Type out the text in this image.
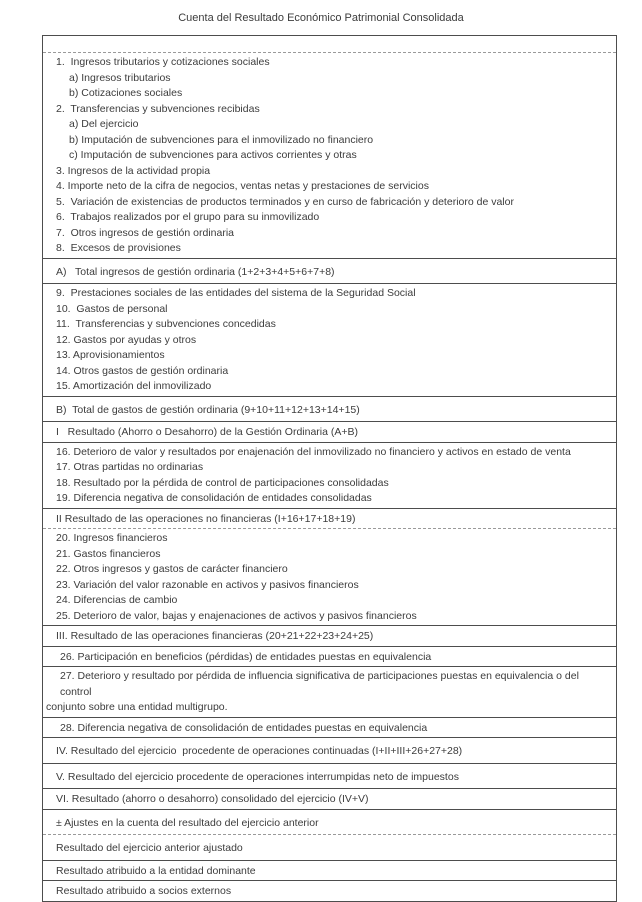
Cuenta del Resultado Económico Patrimonial Consolidada
1.  Ingresos tributarios y cotizaciones sociales
a) Ingresos tributarios
b) Cotizaciones sociales
2.  Transferencias y subvenciones recibidas
a) Del ejercicio
b) Imputación de subvenciones para el inmovilizado no financiero
c) Imputación de subvenciones para activos corrientes y otras
3. Ingresos de la actividad propia
4. Importe neto de la cifra de negocios, ventas netas y prestaciones de servicios
5.  Variación de existencias de productos terminados y en curso de fabricación y deterioro de valor
6.  Trabajos realizados por el grupo para su inmovilizado
7.  Otros ingresos de gestión ordinaria
8.  Excesos de provisiones
A)   Total ingresos de gestión ordinaria (1+2+3+4+5+6+7+8)
9.  Prestaciones sociales de las entidades del sistema de la Seguridad Social
10.  Gastos de personal
11.  Transferencias y subvenciones concedidas
12. Gastos por ayudas y otros
13. Aprovisionamientos
14. Otros gastos de gestión ordinaria
15. Amortización del inmovilizado
B)  Total de gastos de gestión ordinaria (9+10+11+12+13+14+15)
I   Resultado (Ahorro o Desahorro) de la Gestión Ordinaria (A+B)
16. Deterioro de valor y resultados por enajenación del inmovilizado no financiero y activos en estado de venta
17. Otras partidas no ordinarias
18. Resultado por la pérdida de control de participaciones consolidadas
19. Diferencia negativa de consolidación de entidades consolidadas
II Resultado de las operaciones no financieras (I+16+17+18+19)
20. Ingresos financieros
21. Gastos financieros
22. Otros ingresos y gastos de carácter financiero
23. Variación del valor razonable en activos y pasivos financieros
24. Diferencias de cambio
25. Deterioro de valor, bajas y enajenaciones de activos y pasivos financieros
III. Resultado de las operaciones financieras (20+21+22+23+24+25)
26. Participación en beneficios (pérdidas) de entidades puestas en equivalencia
27. Deterioro y resultado por pérdida de influencia significativa de participaciones puestas en equivalencia o del control
conjunto sobre una entidad multigrupo.
28. Diferencia negativa de consolidación de entidades puestas en equivalencia
IV. Resultado del ejercicio  procedente de operaciones continuadas (I+II+III+26+27+28)
V. Resultado del ejercicio procedente de operaciones interrumpidas neto de impuestos
VI. Resultado (ahorro o desahorro) consolidado del ejercicio (IV+V)
± Ajustes en la cuenta del resultado del ejercicio anterior
Resultado del ejercicio anterior ajustado
Resultado atribuido a la entidad dominante
Resultado atribuido a socios externos
